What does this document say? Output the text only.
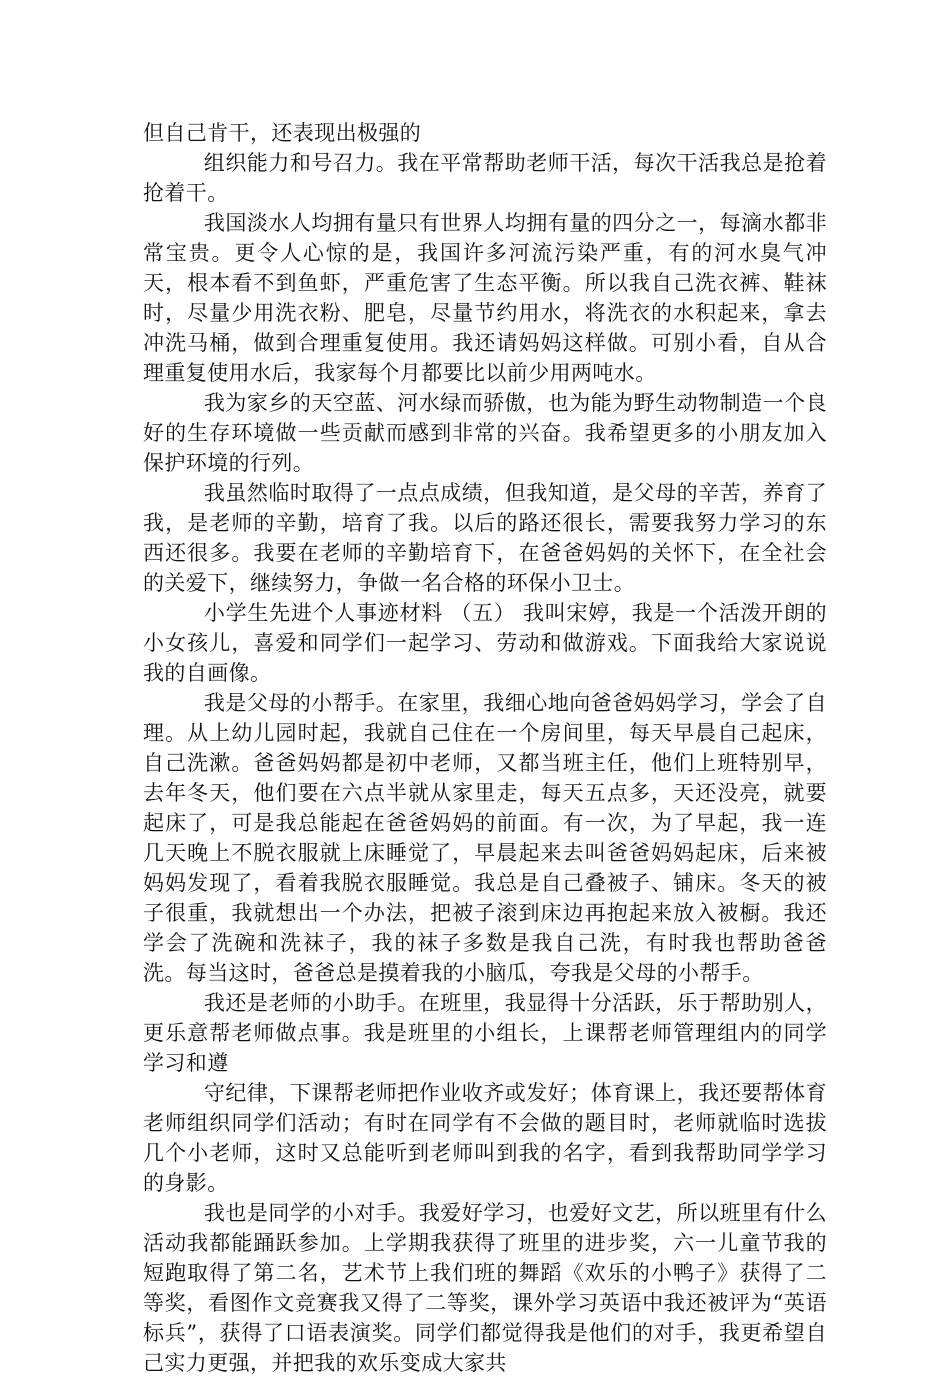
但自己肯干，还表现出极强的

组织能力和号召力。我在平常帮助老师干活，每次干活我总是抢着抢着干。

我国淡水人均拥有量只有世界人均拥有量的四分之一，每滴水都非常宝贵。更令人心惊的是，我国许多河流污染严重，有的河水臭气冲天，根本看不到鱼虾，严重危害了生态平衡。所以我自己洗衣裤、鞋袜时，尽量少用洗衣粉、肥皂，尽量节约用水，将洗衣的水积起来，拿去冲洗马桶，做到合理重复使用。我还请妈妈这样做。可别小看，自从合理重复使用水后，我家每个月都要比以前少用两吨水。

我为家乡的天空蓝、河水绿而骄傲，也为能为野生动物制造一个良好的生存环境做一些贡献而感到非常的兴奋。我希望更多的小朋友加入保护环境的行列。

我虽然临时取得了一点点成绩，但我知道，是父母的辛苦，养育了我，是老师的辛勤，培育了我。以后的路还很长，需要我努力学习的东西还很多。我要在老师的辛勤培育下，在爸爸妈妈的关怀下，在全社会的关爱下，继续努力，争做一名合格的环保小卫士。

小学生先进个人事迹材料 （五） 我叫宋婷，我是一个活泼开朗的小女孩儿，喜爱和同学们一起学习、劳动和做游戏。下面我给大家说说我的自画像。

我是父母的小帮手。在家里，我细心地向爸爸妈妈学习，学会了自理。从上幼儿园时起，我就自己住在一个房间里，每天早晨自己起床，自己洗漱。爸爸妈妈都是初中老师，又都当班主任，他们上班特别早，去年冬天，他们要在六点半就从家里走，每天五点多，天还没亮，就要起床了，可是我总能起在爸爸妈妈的前面。有一次，为了早起，我一连几天晚上不脱衣服就上床睡觉了，早晨起来去叫爸爸妈妈起床，后来被妈妈发现了，看着我脱衣服睡觉。我总是自己叠被子、铺床。冬天的被子很重，我就想出一个办法，把被子滚到床边再抱起来放入被橱。我还学会了洗碗和洗袜子，我的袜子多数是我自己洗，有时我也帮助爸爸洗。每当这时，爸爸总是摸着我的小脑瓜，夸我是父母的小帮手。

我还是老师的小助手。在班里，我显得十分活跃，乐于帮助别人，更乐意帮老师做点事。我是班里的小组长，上课帮老师管理组内的同学学习和遵

守纪律，下课帮老师把作业收齐或发好；体育课上，我还要帮体育老师组织同学们活动；有时在同学有不会做的题目时，老师就临时选拔几个小老师，这时又总能听到老师叫到我的名字，看到我帮助同学学习的身影。

我也是同学的小对手。我爱好学习，也爱好文艺，所以班里有什么活动我都能踊跃参加。上学期我获得了班里的进步奖，六一儿童节我的短跑取得了第二名，艺术节上我们班的舞蹈《欢乐的小鸭子》获得了二等奖，看图作文竞赛我又得了二等奖，课外学习英语中我还被评为“英语标兵”，获得了口语表演奖。同学们都觉得我是他们的对手，我更希望自己实力更强，并把我的欢乐变成大家共
